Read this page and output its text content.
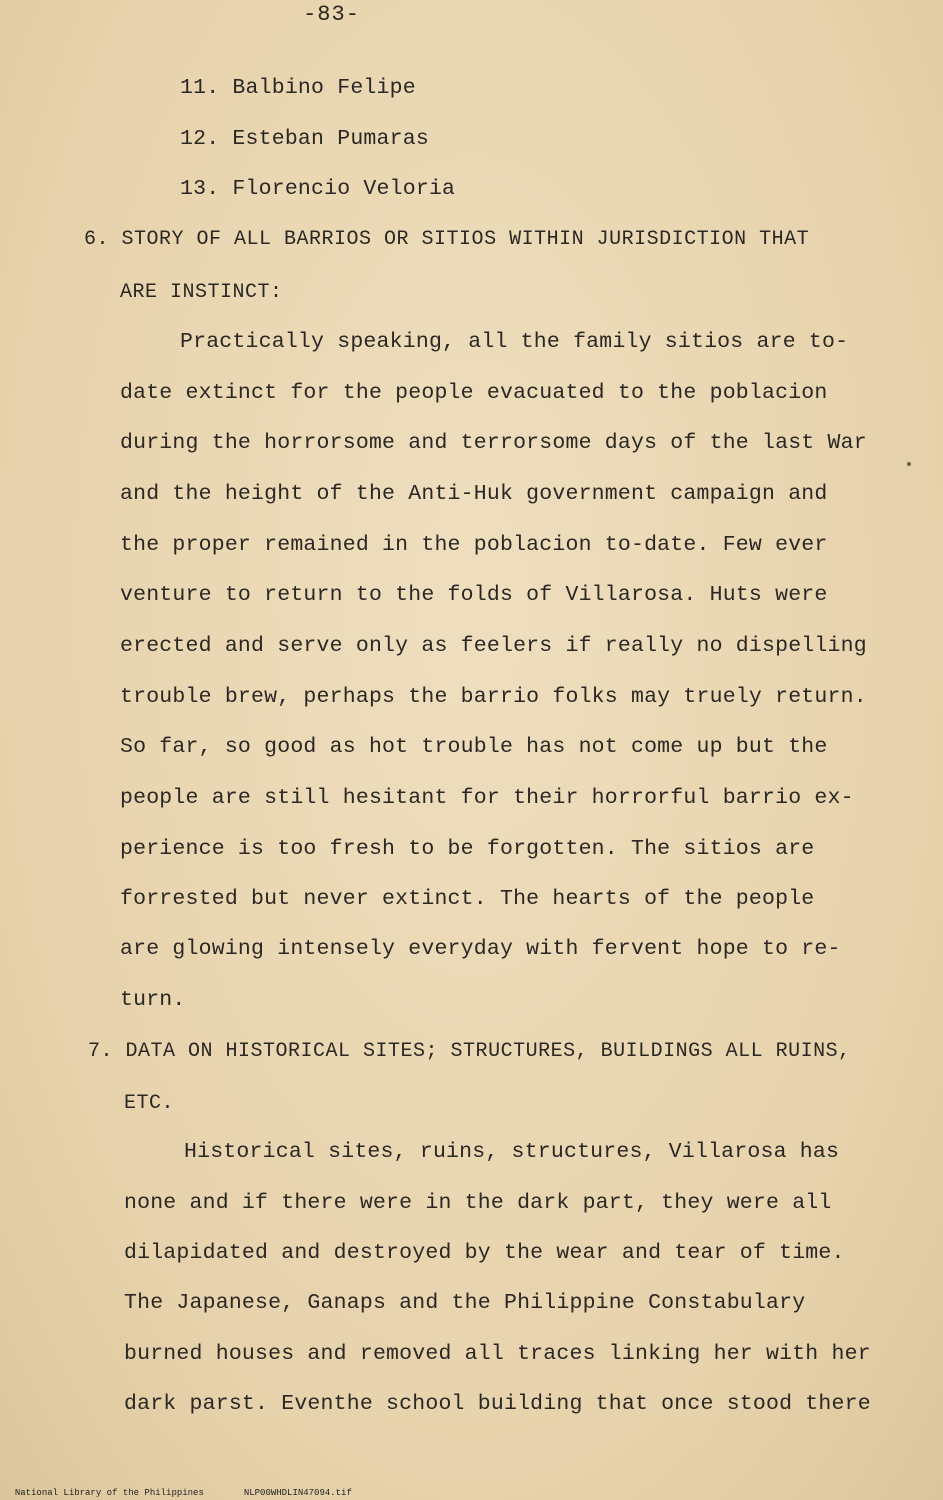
-83-
11. Balbino Felipe
12. Esteban Pumaras
13. Florencio Veloria
6. STORY OF ALL BARRIOS OR SITIOS WITHIN JURISDICTION THAT
ARE INSTINCT:
Practically speaking, all the family sitios are to-
date extinct for the people evacuated to the poblacion
during the horrorsome and terrorsome days of the last War
and the height of the Anti-Huk government campaign and
the proper remained in the poblacion to-date. Few ever
venture to return to the folds of Villarosa. Huts were
erected and serve only as feelers if really no dispelling
trouble brew, perhaps the barrio folks may truely return.
So far, so good as hot trouble has not come up but the
people are still hesitant for their horrorful barrio ex-
perience is too fresh to be forgotten. The sitios are
forrested but never extinct. The hearts of the people
are glowing intensely everyday with fervent hope to re-
turn.
7. DATA ON HISTORICAL SITES; STRUCTURES, BUILDINGS ALL RUINS,
ETC.
Historical sites, ruins, structures, Villarosa has
none and if there were in the dark part, they were all
dilapidated and destroyed by the wear and tear of time.
The Japanese, Ganaps and the Philippine Constabulary
burned houses and removed all traces linking her with her
dark parst. Eventhe school building that once stood there

National Library of the Philippines	NLP00WHDLIN47094.tif
